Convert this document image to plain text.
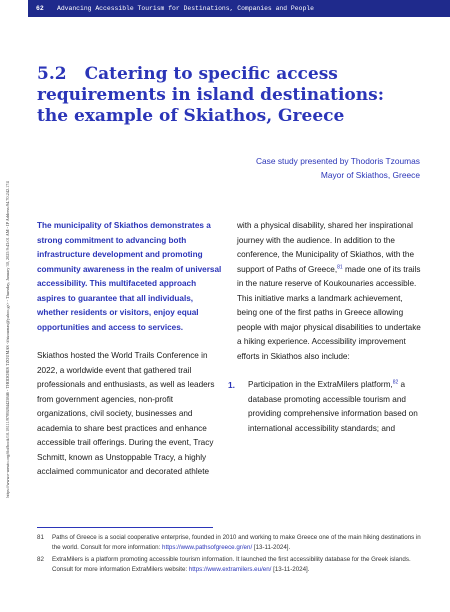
62 Advancing Accessible Tourism for Destinations, Companies and People
https://www.e-unwto.org/doi/book/10.18111/9789284425846 - THODORIS TZOUMAS <thtzoumas@yahoo.gr> - Thursday, January 30, 2025 9:43:01 AM - IP Address:94.70.242.174
5.2 Catering to specific access requirements in island destinations: the example of Skiathos, Greece
Case study presented by Thodoris Tzoumas
Mayor of Skiathos, Greece

The municipality of Skiathos demonstrates a strong commitment to advancing both infrastructure development and promoting community awareness in the realm of universal accessibility. This multifaceted approach aspires to guarantee that all individuals, whether residents or visitors, enjoy equal opportunities and access to services.

Skiathos hosted the World Trails Conference in 2022, a worldwide event that gathered trail professionals and enthusiasts, as well as leaders from government agencies, non-profit organizations, civil society, businesses and academia to share best practices and enhance accessible trail offerings. During the event, Tracy Schmitt, known as Unstoppable Tracy, a highly acclaimed communicator and decorated athlete

with a physical disability, shared her inspirational journey with the audience. In addition to the conference, the Municipality of Skiathos, with the support of Paths of Greece,$^{81}$ made one of its trails in the nature reserve of Koukounaries accessible. This initiative marks a landmark achievement, being one of the first paths in Greece allowing people with major physical disabilities to undertake a hiking experience. Accessibility improvement efforts in Skiathos also include:

1. Participation in the ExtraMilers platform,$^{82}$ a database promoting accessible tourism and providing comprehensive information based on international accessibility standards; and

81 Paths of Greece is a social cooperative enterprise, founded in 2010 and working to make Greece one of the main hiking destinations in the world. Consult for more information: https://www.pathsofgreece.gr/en/ [13-11-2024].
82 ExtraMilers is a platform promoting accessible tourism information. It launched the first accessibility database for the Greek islands. Consult for more information ExtraMilers website: https://www.extramilers.eu/en/ [13-11-2024].
